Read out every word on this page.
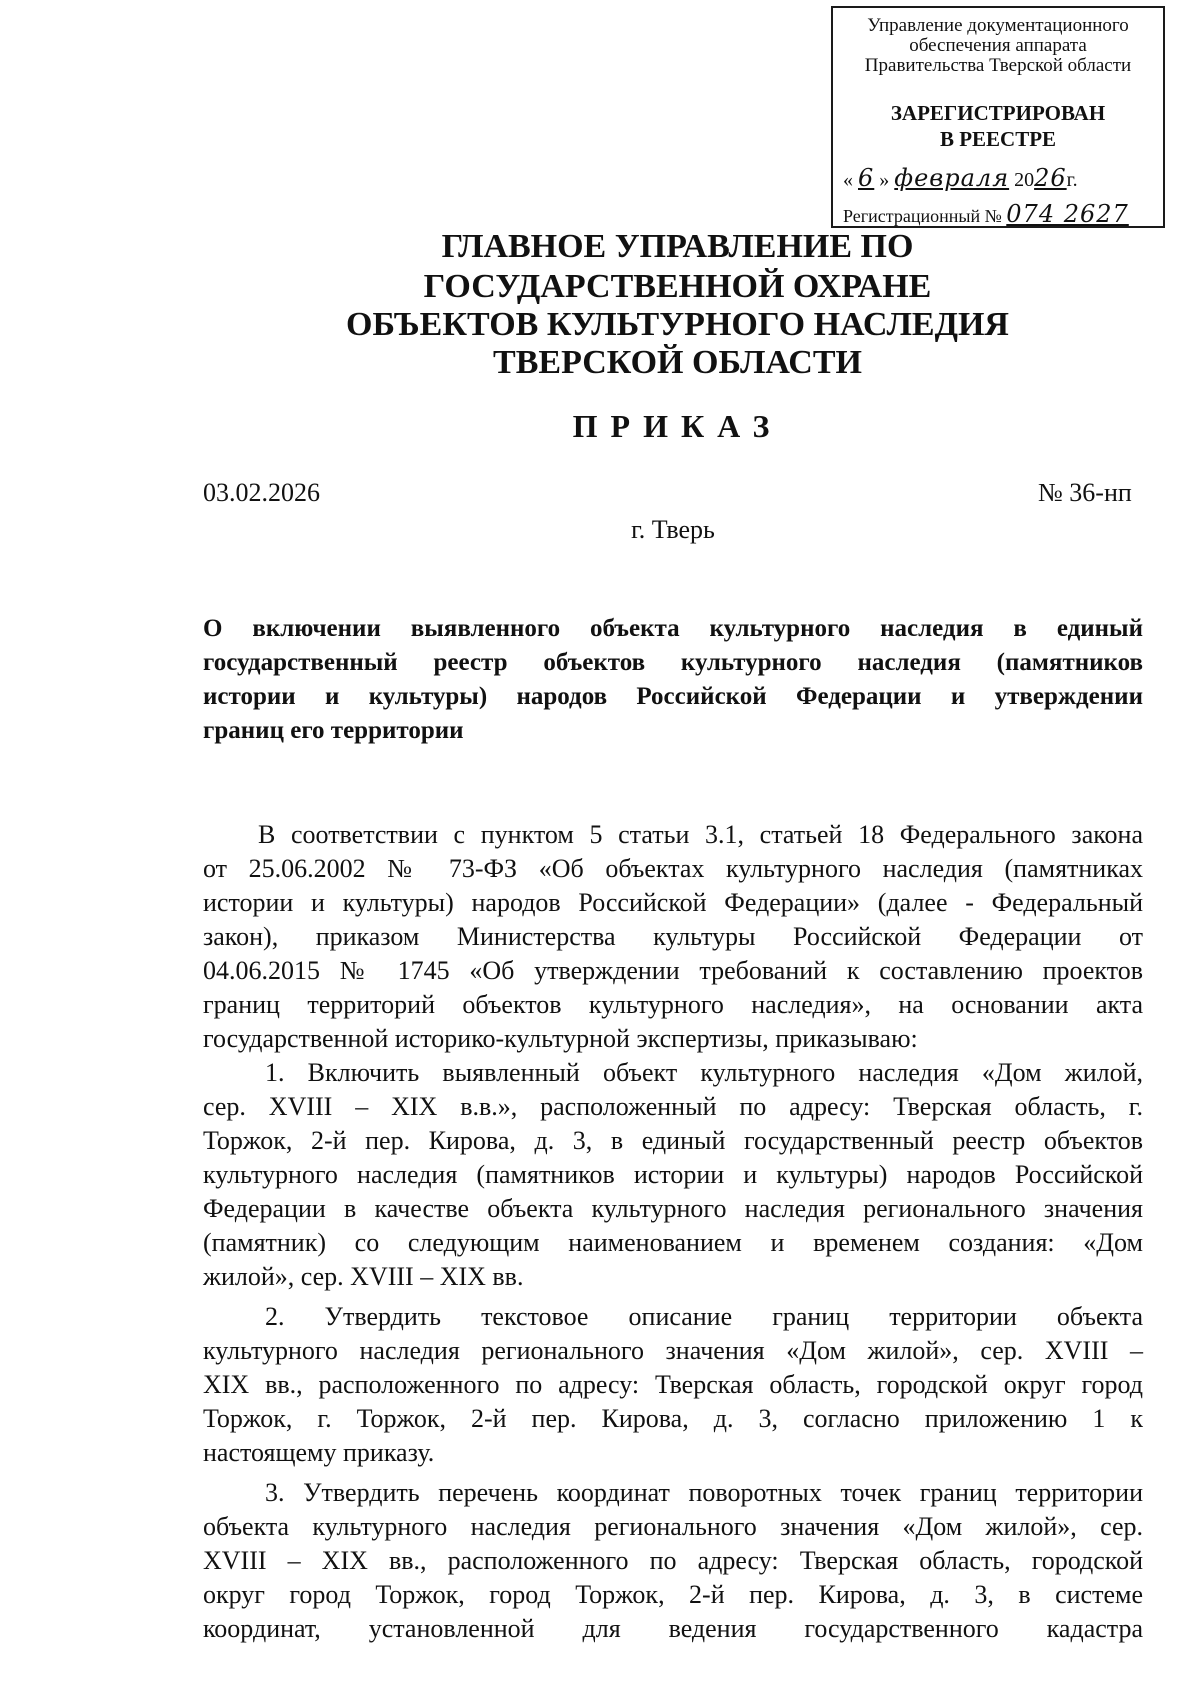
Управление документационного
обеспечения аппарата
Правительства Тверской области
ЗАРЕГИСТРИРОВАН
В РЕЕСТРЕ
« 6 » февраля 2026г.
Регистрационный № 074 2627
ГЛАВНОЕ УПРАВЛЕНИЕ ПО
ГОСУДАРСТВЕННОЙ ОХРАНЕ
ОБЪЕКТОВ КУЛЬТУРНОГО НАСЛЕДИЯ
ТВЕРСКОЙ ОБЛАСТИ
ПРИКАЗ
03.02.2026	№ 36-нп
г. Тверь
О включении выявленного объекта культурного наследия в единый
государственный реестр объектов культурного наследия (памятников
истории и культуры) народов Российской Федерации и утверждении
границ его территории
В соответствии с пунктом 5 статьи 3.1, статьей 18 Федерального закона
от 25.06.2002 № 73-ФЗ «Об объектах культурного наследия (памятниках
истории и культуры) народов Российской Федерации» (далее - Федеральный
закон), приказом Министерства культуры Российской Федерации от
04.06.2015 № 1745 «Об утверждении требований к составлению проектов
границ территорий объектов культурного наследия», на основании акта
государственной историко-культурной экспертизы, приказываю:
1. Включить выявленный объект культурного наследия «Дом жилой,
сер. XVIII – XIX в.в.», расположенный по адресу: Тверская область, г.
Торжок, 2-й пер. Кирова, д. 3, в единый государственный реестр объектов
культурного наследия (памятников истории и культуры) народов Российской
Федерации в качестве объекта культурного наследия регионального значения
(памятник) со следующим наименованием и временем создания: «Дом
жилой», сер. XVIII – XIX вв.
2. Утвердить текстовое описание границ территории объекта
культурного наследия регионального значения «Дом жилой», сер. XVIII –
XIX вв., расположенного по адресу: Тверская область, городской округ город
Торжок, г. Торжок, 2-й пер. Кирова, д. 3, согласно приложению 1 к
настоящему приказу.
3. Утвердить перечень координат поворотных точек границ территории
объекта культурного наследия регионального значения «Дом жилой», сер.
XVIII – XIX вв., расположенного по адресу: Тверская область, городской
округ город Торжок, город Торжок, 2-й пер. Кирова, д. 3, в системе
координат, установленной для ведения государственного кадастра
